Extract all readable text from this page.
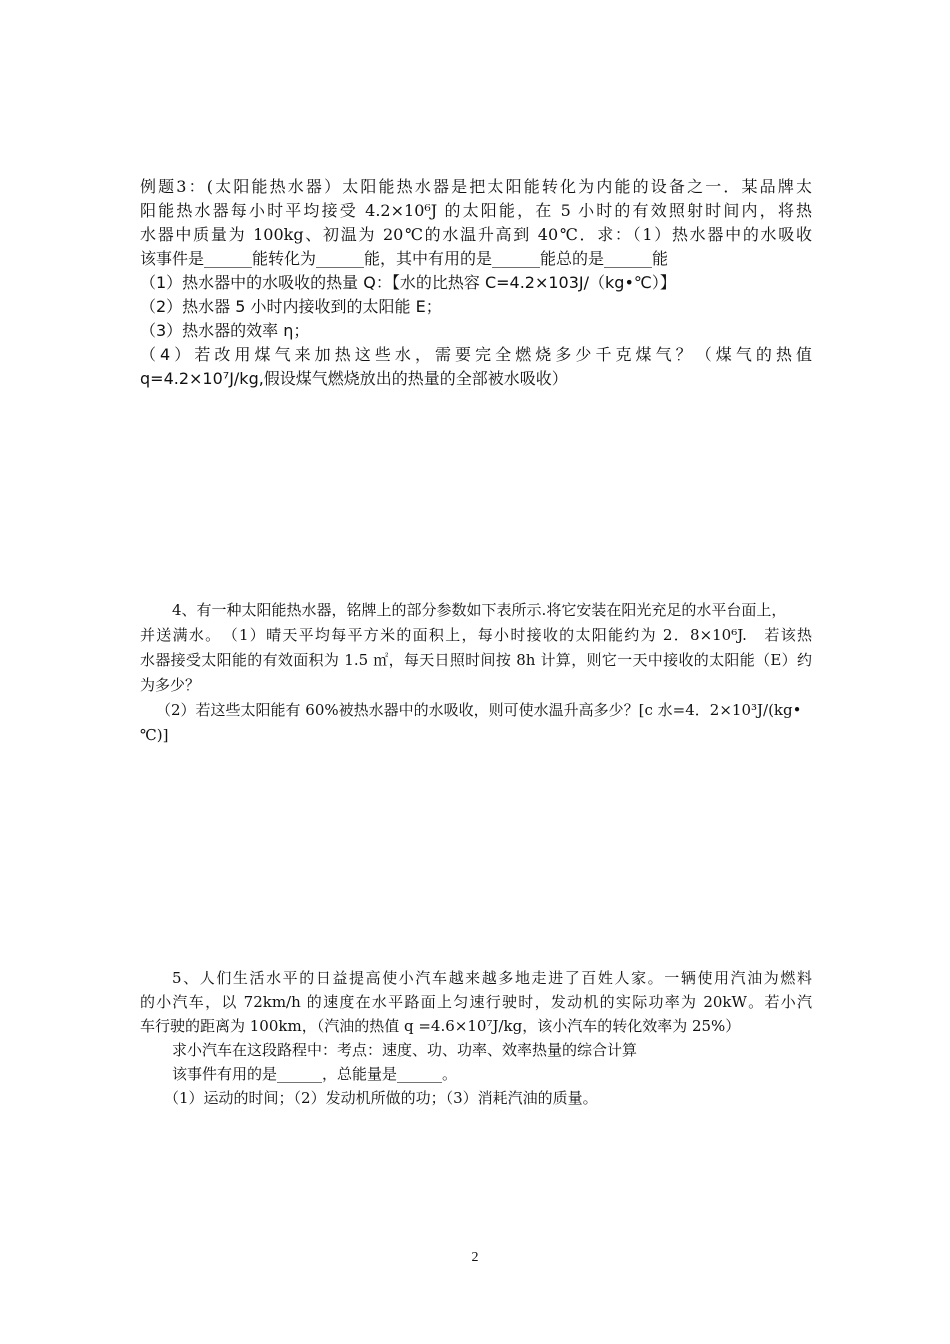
例题3：(太阳能热水器）太阳能热水器是把太阳能转化为内能的设备之一．某品牌太
阳能热水器每小时平均接受 4.2×10⁶J 的太阳能，在 5 小时的有效照射时间内，将热
水器中质量为 100kg、初温为 20℃的水温升高到 40℃．求：（1）热水器中的水吸收
该事件是______能转化为______能，其中有用的是______能总的是______能
（1）热水器中的水吸收的热量 Q：【水的比热容 C=4.2×103J/（kg•℃）】
（2）热水器 5 小时内接收到的太阳能 E；
（3）热水器的效率 η；
（4）若改用煤气来加热这些水，需要完全燃烧多少千克煤气？（煤气的热值
q=4.2×10⁷J/kg,假设煤气燃烧放出的热量的全部被水吸收）
4、有一种太阳能热水器，铭牌上的部分参数如下表所示.将它安装在阳光充足的水平台面上，
并送满水。　（1）晴天平均每平方米的面积上，每小时接收的太阳能约为 2．8×10⁶J.　若该热
水器接受太阳能的有效面积为 1.5 ㎡，每天日照时间按 8h 计算，则它一天中接收的太阳能（E）约
为多少？
（2）若这些太阳能有 60%被热水器中的水吸收，则可使水温升高多少？[c 水=4．2×10³J/(kg•
℃)]
5、人们生活水平的日益提高使小汽车越来越多地走进了百姓人家。一辆使用汽油为燃料
的小汽车，以 72km/h 的速度在水平路面上匀速行驶时，发动机的实际功率为 20kW。若小汽
车行驶的距离为 100km，（汽油的热值 q =4.6×10⁷J/kg，该小汽车的转化效率为 25%）
求小汽车在这段路程中：考点：速度、功、功率、效率热量的综合计算
该事件有用的是______，总能量是______。
（1）运动的时间；（2）发动机所做的功；（3）消耗汽油的质量。
2
